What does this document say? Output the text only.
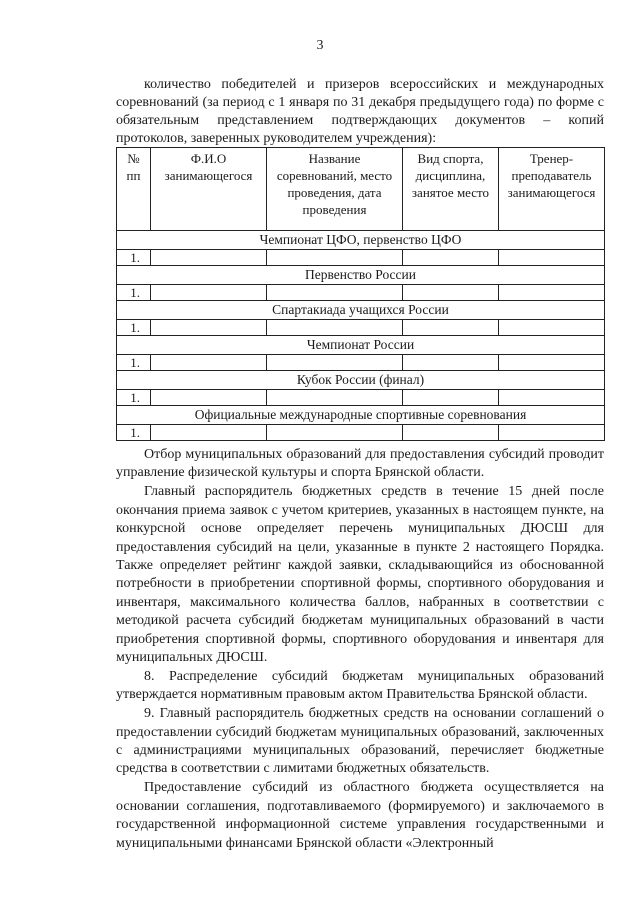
3

количество победителей и призеров всероссийских и международных соревнований (за период с 1 января по 31 декабря предыдущего года) по форме с обязательным представлением подтверждающих документов – копий протоколов, заверенных руководителем учреждения):

№ пп	Ф.И.О занимающегося	Название соревнований, место проведения, дата проведения	Вид спорта, дисциплина, занятое место	Тренер-преподаватель занимающегося
Чемпионат ЦФО, первенство ЦФО				
1.				
Первенство России				
1.				
Спартакиада учащихся России				
1.				
Чемпионат России				
1.				
Кубок России (финал)				
1.				
Официальные международные спортивные соревнования				
1.				

Отбор муниципальных образований для предоставления субсидий проводит управление физической культуры и спорта Брянской области.

Главный распорядитель бюджетных средств в течение 15 дней после окончания приема заявок с учетом критериев, указанных в настоящем пункте, на конкурсной основе определяет перечень муниципальных ДЮСШ для предоставления субсидий на цели, указанные в пункте 2 настоящего Порядка. Также определяет рейтинг каждой заявки, складывающийся из обоснованной потребности в приобретении спортивной формы, спортивного оборудования и инвентаря, максимального количества баллов, набранных в соответствии с методикой расчета субсидий бюджетам муниципальных образований в части приобретения спортивной формы, спортивного оборудования и инвентаря для муниципальных ДЮСШ.

8. Распределение субсидий бюджетам муниципальных образований утверждается нормативным правовым актом Правительства Брянской области.

9. Главный распорядитель бюджетных средств на основании соглашений о предоставлении субсидий бюджетам муниципальных образований, заключенных с администрациями муниципальных образований, перечисляет бюджетные средства в соответствии с лимитами бюджетных обязательств.

Предоставление субсидий из областного бюджета осуществляется на основании соглашения, подготавливаемого (формируемого) и заключаемого в государственной информационной системе управления государственными и муниципальными финансами Брянской области «Электронный
